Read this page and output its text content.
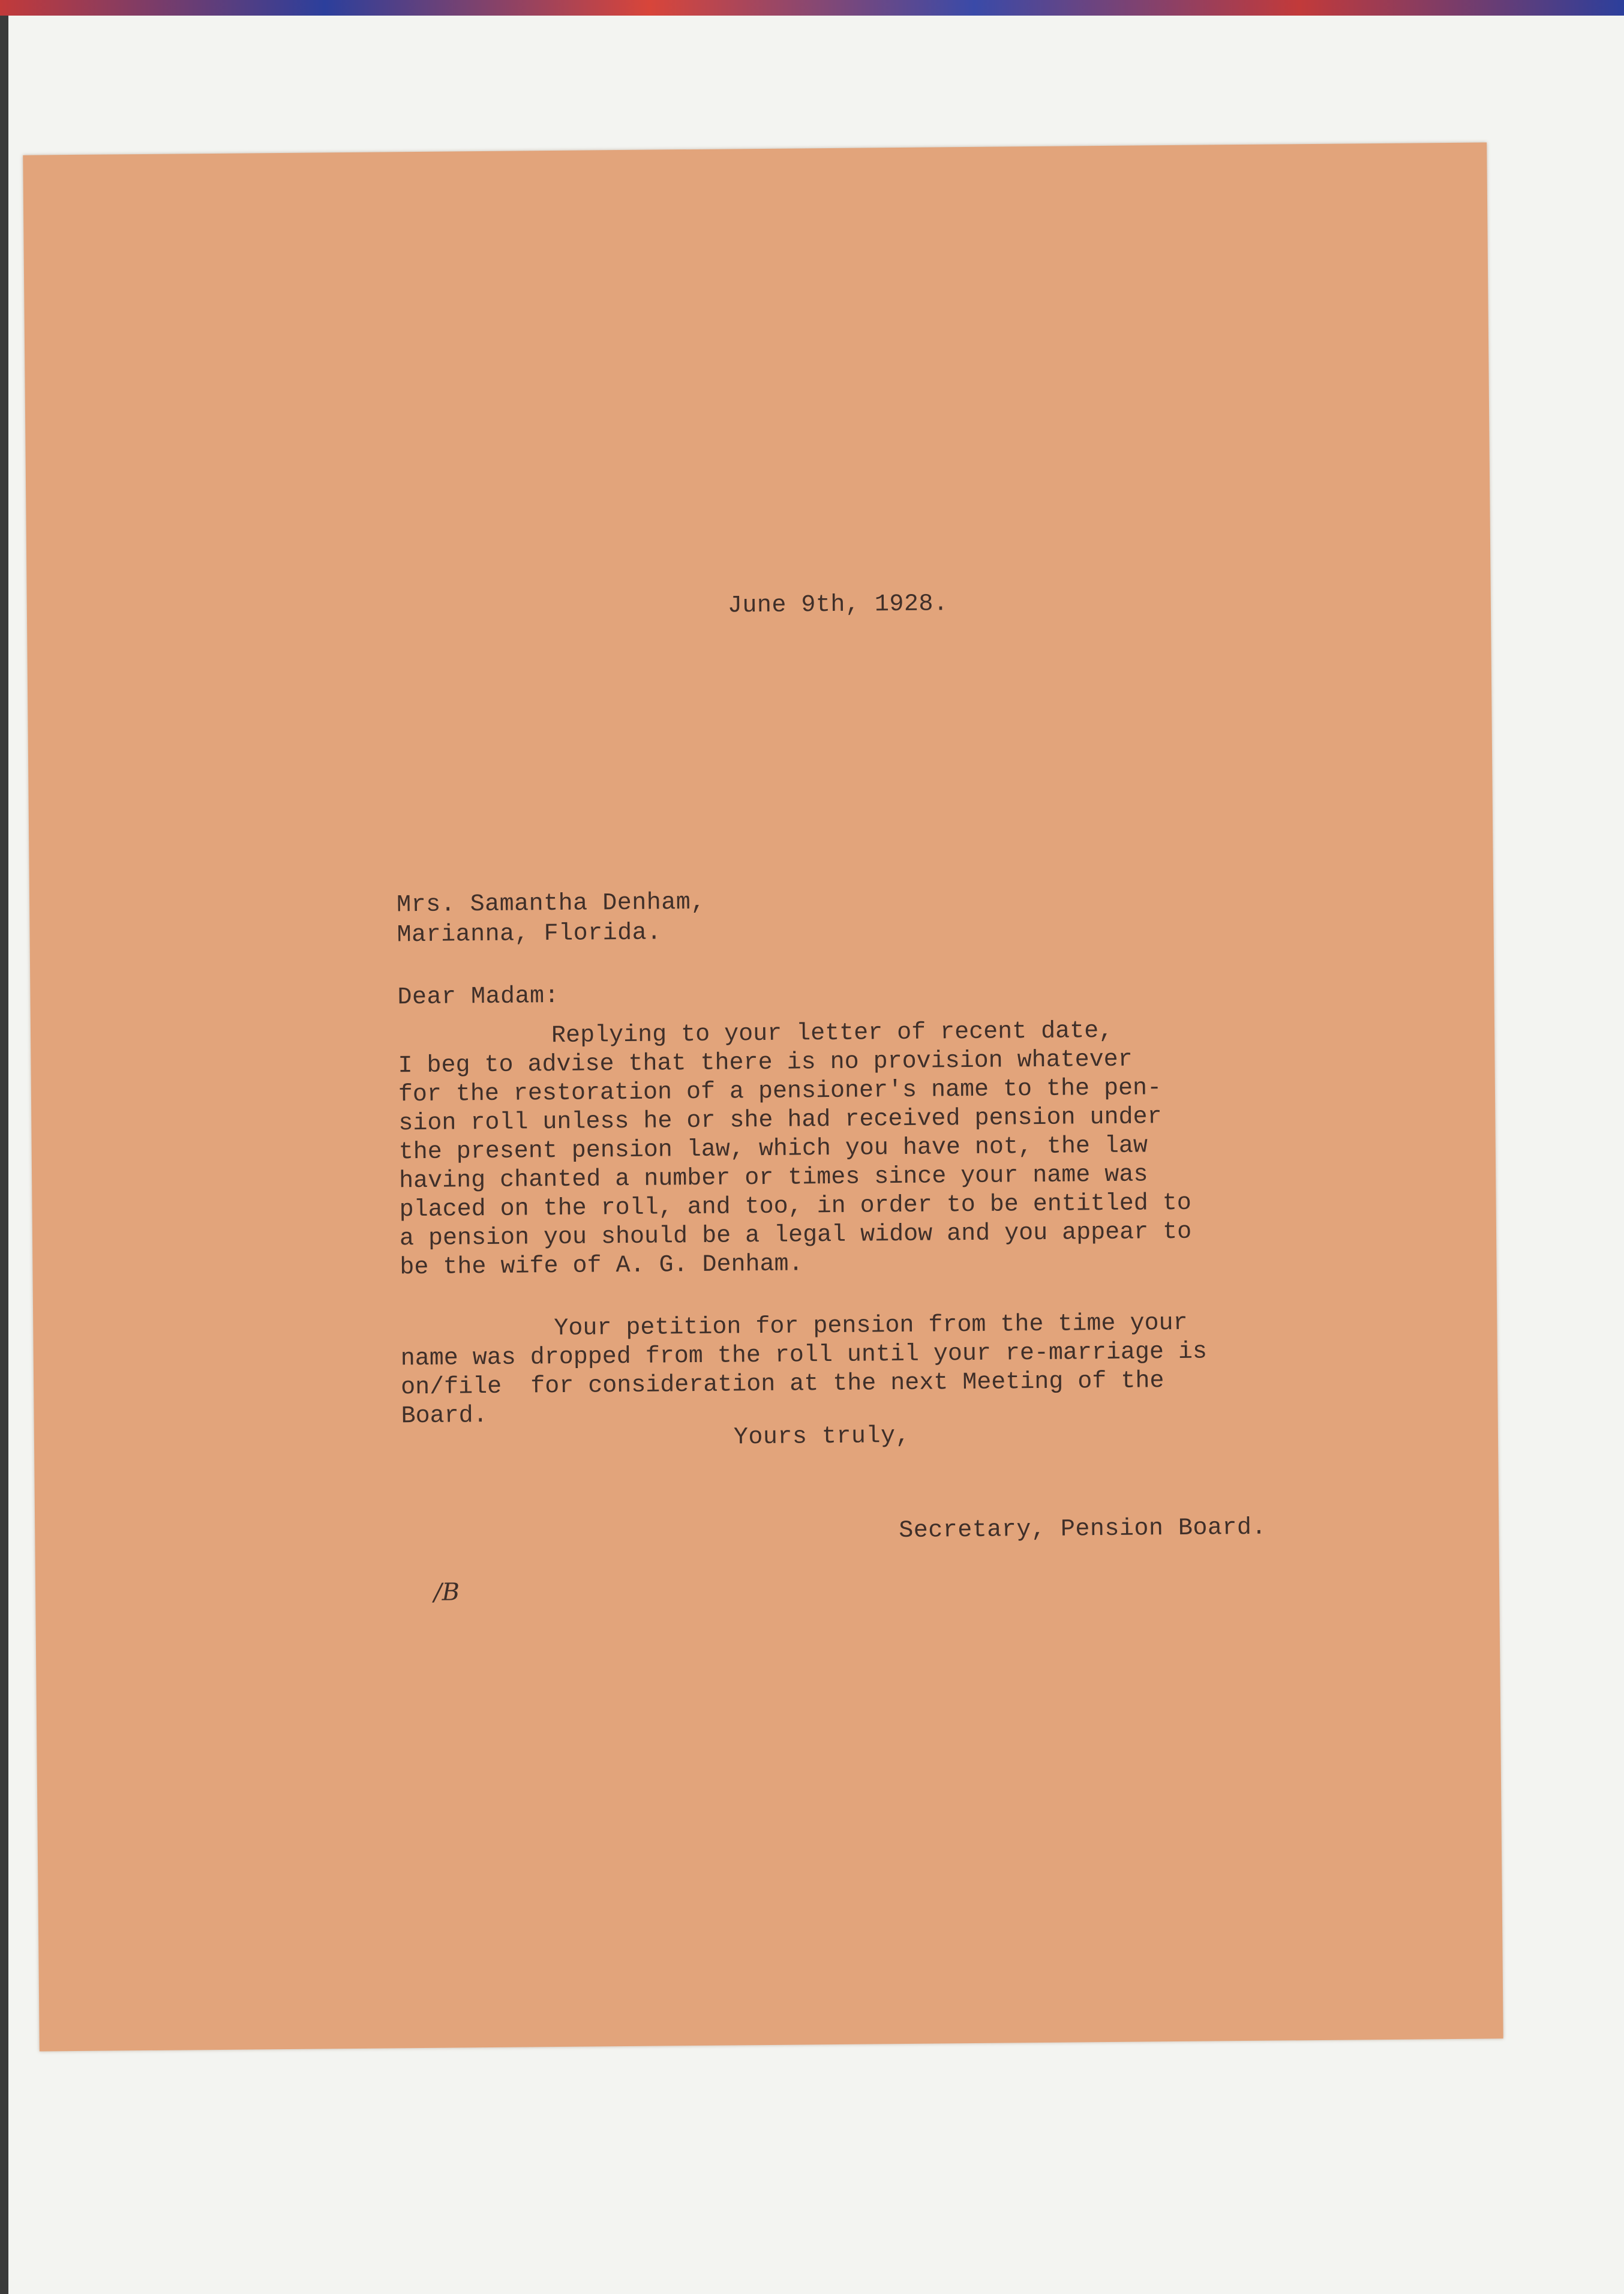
June 9th, 1928.
Mrs. Samantha Denham,
Marianna, Florida.
Dear Madam:
Replying to your letter of recent date,
I beg to advise that there is no provision whatever
for the restoration of a pensioner's name to the pen-
sion roll unless he or she had received pension under
the present pension law, which you have not, the law
having chanted a number or times since your name was
placed on the roll, and too, in order to be entitled to
a pension you should be a legal widow and you appear to
be the wife of A. G. Denham.
Your petition for pension from the time your
name was dropped from the roll until your re-marriage is
on/file  for consideration at the next Meeting of the
Board.
Yours truly,
Secretary, Pension Board.
/B
